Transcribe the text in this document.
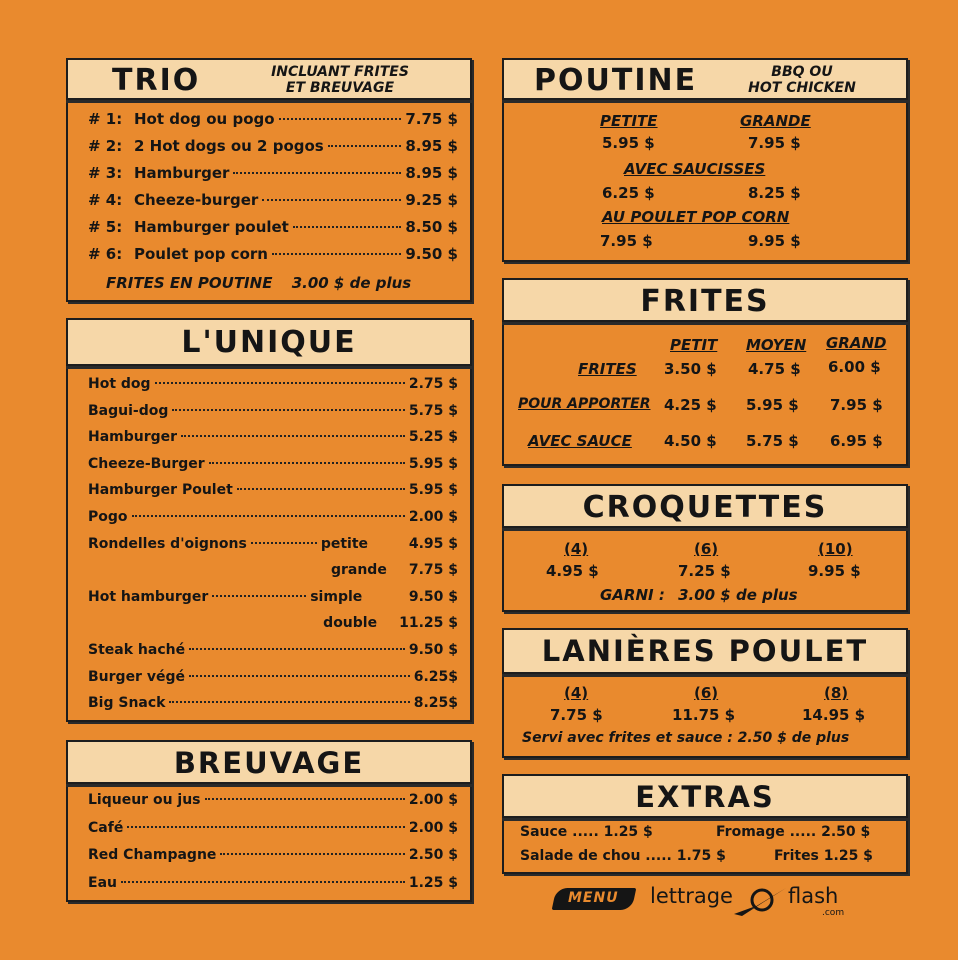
TRIO	INCLUANT FRITES
ET BREUVAGE
# 1: Hot dog ou pogo	7.75 $
# 2: 2 Hot dogs ou 2 pogos	8.95 $
# 3: Hamburger	8.95 $
# 4: Cheeze-burger	9.25 $
# 5: Hamburger poulet	8.50 $
# 6: Poulet pop corn	9.50 $
FRITES EN POUTINE 3.00 $ de plus
L'UNIQUE
Hot dog	2.75 $
Bagui-dog	5.75 $
Hamburger	5.25 $
Cheeze-Burger	5.95 $
Hamburger Poulet	5.95 $
Pogo	2.00 $
Rondelles d'oignons	petite	4.95 $
grande 7.75 $
Hot hamburger	simple	9.50 $
double 11.25 $
Steak haché	9.50 $
Burger végé	6.25$
Big Snack	8.25$
BREUVAGE
Liqueur ou jus	2.00 $
Café	2.00 $
Red Champagne	2.50 $
Eau	1.25 $
POUTINE	BBQ OU
HOT CHICKEN
PETITE	GRANDE
5.95 $	7.95 $
AVEC SAUCISSES
6.25 $	8.25 $
AU POULET POP CORN
7.95 $	9.95 $
FRITES
PETIT MOYEN GRAND
FRITES 3.50 $ 4.75 $ 6.00 $
POUR APPORTER 4.25 $ 5.95 $ 7.95 $
AVEC SAUCE 4.50 $ 5.75 $ 6.95 $
CROQUETTES
(4)	(6)	(10)
4.95 $	7.25 $	9.95 $
GARNI : 3.00 $ de plus
LANIÈRES POULET
(4)	(6)	(8)
7.75 $	11.75 $	14.95 $
Servi avec frites et sauce : 2.50 $ de plus
EXTRAS
Sauce ..... 1.25 $	Fromage ..... 2.50 $
Salade de chou ..... 1.75 $	Frites 1.25 $
MENU lettrage	flash
.com
